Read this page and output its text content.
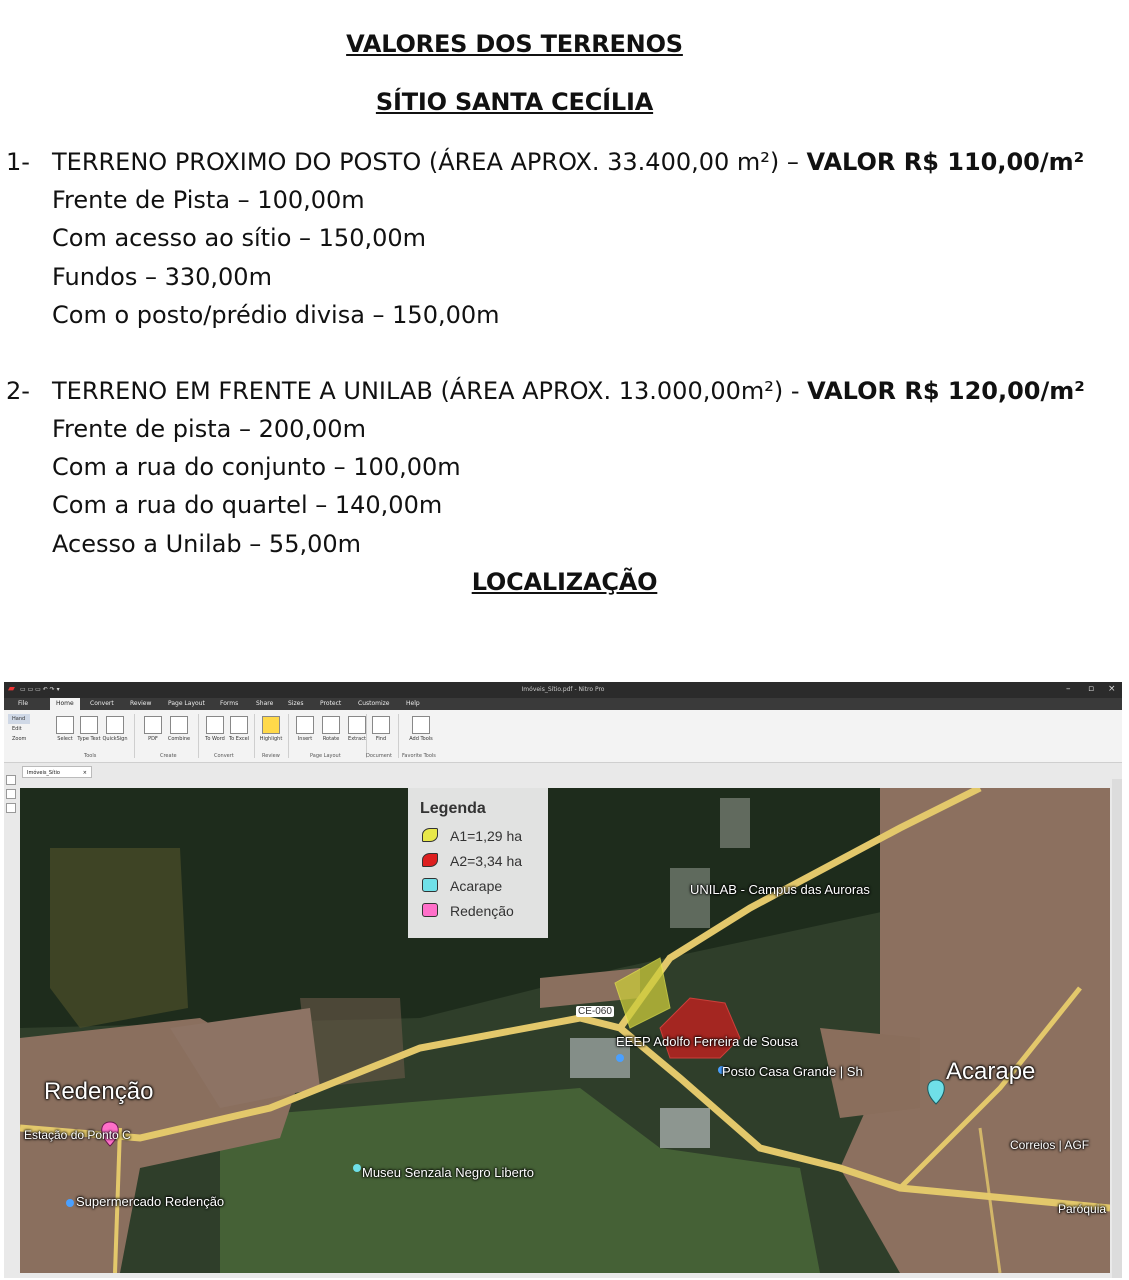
VALORES DOS TERRENOS
SÍTIO SANTA CECÍLIA
1- TERRENO PROXIMO DO POSTO (ÁREA APROX. 33.400,00 m²) – VALOR R$ 110,00/m²
Frente de Pista – 100,00m
Com acesso ao sítio – 150,00m
Fundos – 330,00m
Com o posto/prédio divisa – 150,00m
2- TERRENO EM FRENTE A UNILAB (ÁREA APROX. 13.000,00m²) - VALOR R$ 120,00/m²
Frente de pista – 200,00m
Com a rua do conjunto – 100,00m
Com a rua do quartel – 140,00m
Acesso a Unilab – 55,00m
LOCALIZAÇÃO
▰ ▭ ▭ ▭ ↶ ↷ ▾	Imóveis_Sítio.pdf - Nitro Pro	– ▫ ×
File	Home	Convert	Review	Page Layout	Forms	Share Sizes	Protect	Customize	Help
Hand
Edit
Zoom	Select Type Text QuickSign	PDF	Combine	To Word To Excel	Highlight	Insert	Rotate	Extract	Find	Add Tools
Tools	Create	Convert	Review	Page Layout	Document Favorite Tools
Imóveis_Sítio	×
UNILAB - Campus das Auroras
CE-060
EEEP Adolfo Ferreira de Sousa
Posto Casa Grande | Sh	Acarape
Redenção
Museu Senzala Negro Liberto
Supermercado Redenção
Estação do Ponto C
Correios | AGF
Paróquia
Legenda
A1=1,29 ha
A2=3,34 ha
Acarape
Redenção
